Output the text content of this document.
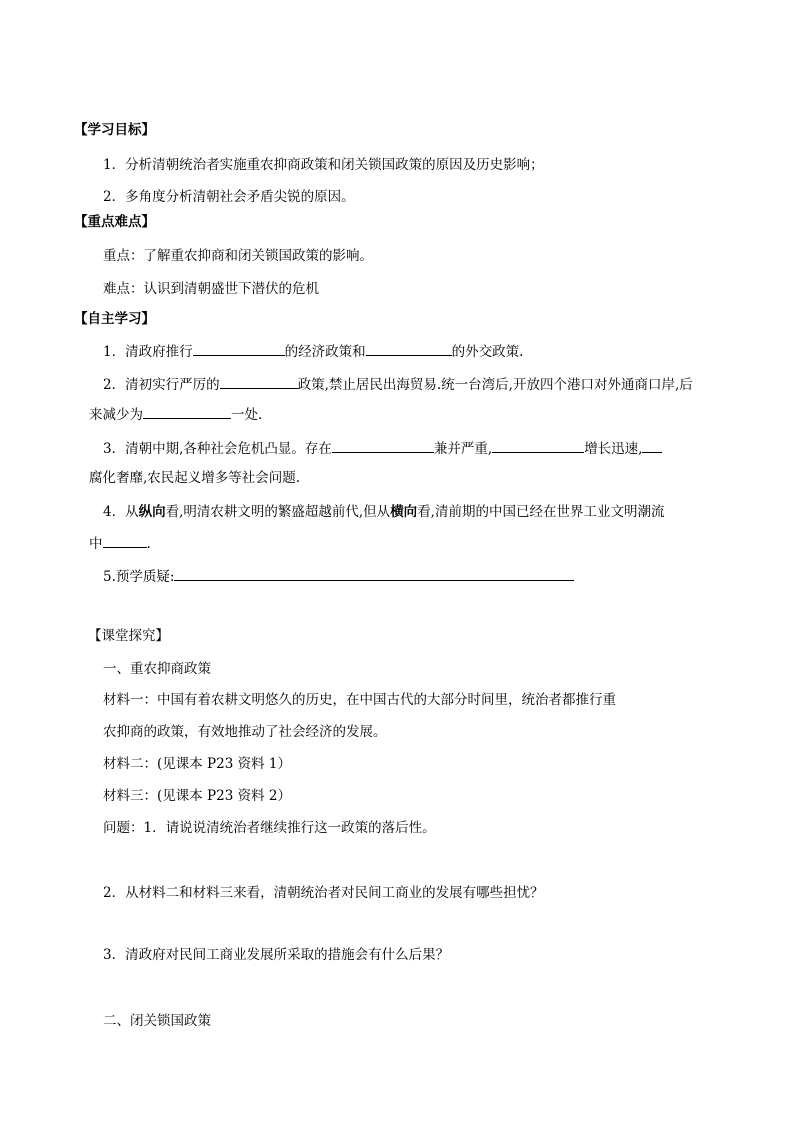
【学习目标】
1．分析清朝统治者实施重农抑商政策和闭关锁国政策的原因及历史影响；
2．多角度分析清朝社会矛盾尖锐的原因。
【重点难点】
重点：了解重农抑商和闭关锁国政策的影响。
难点：认识到清朝盛世下潜伏的危机
【自主学习】
1．清政府推行	的经济政策和	的外交政策.
2．清初实行严厉的	政策,禁止居民出海贸易.统一台湾后,开放四个港口对外通商口岸,后
来减少为	一处.
3．清朝中期,各种社会危机凸显。存在	兼并严重,	增长迅速,
腐化奢靡,农民起义增多等社会问题.
4．从纵向看,明清农耕文明的繁盛超越前代,但从横向看,清前期的中国已经在世界工业文明潮流
中	.
5.预学质疑:
【课堂探究】
一、重农抑商政策
材料一：中国有着农耕文明悠久的历史，在中国古代的大部分时间里，统治者都推行重
农抑商的政策，有效地推动了社会经济的发展。
材料二：(见课本 P23 资料 1）
材料三：(见课本 P23 资料 2）
问题：1．请说说清统治者继续推行这一政策的落后性。
2．从材料二和材料三来看，清朝统治者对民间工商业的发展有哪些担忧？
3．清政府对民间工商业发展所采取的措施会有什么后果？
二、闭关锁国政策
